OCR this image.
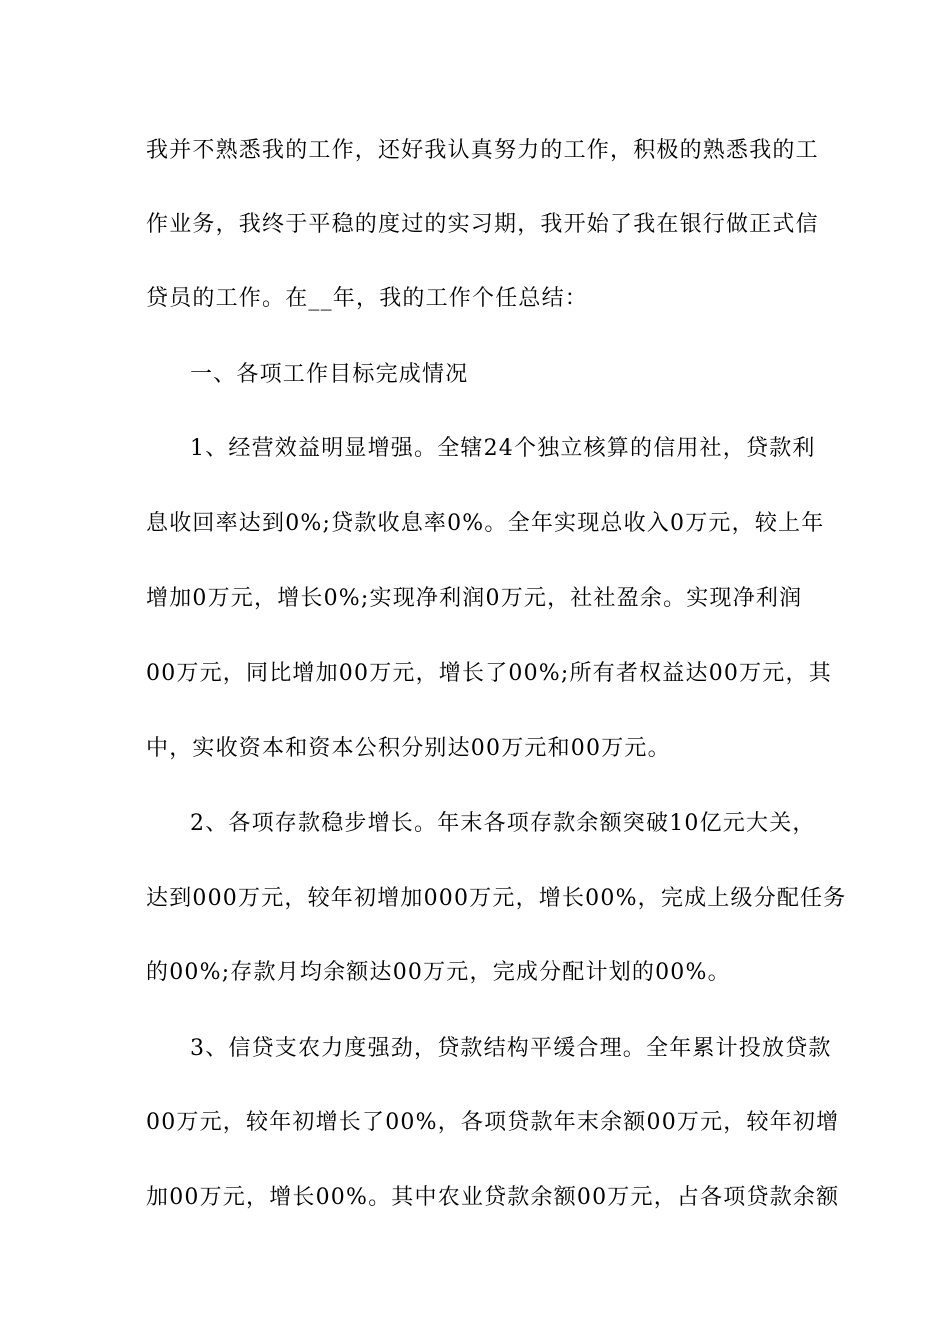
我并不熟悉我的工作，还好我认真努力的工作，积极的熟悉我的工
作业务，我终于平稳的度过的实习期，我开始了我在银行做正式信
贷员的工作。在__年，我的工作个任总结：
一、各项工作目标完成情况
1、经营效益明显增强。全辖24个独立核算的信用社，贷款利
息收回率达到0%;贷款收息率0%。全年实现总收入0万元，较上年
增加0万元，增长0%;实现净利润0万元，社社盈余。实现净利润
00万元，同比增加00万元，增长了00%;所有者权益达00万元，其
中，实收资本和资本公积分别达00万元和00万元。
2、各项存款稳步增长。年末各项存款余额突破10亿元大关，
达到000万元，较年初增加000万元，增长00%，完成上级分配任务
的00%;存款月均余额达00万元，完成分配计划的00%。
3、信贷支农力度强劲，贷款结构平缓合理。全年累计投放贷款
00万元，较年初增长了00%，各项贷款年末余额00万元，较年初增
加00万元，增长00%。其中农业贷款余额00万元，占各项贷款余额
